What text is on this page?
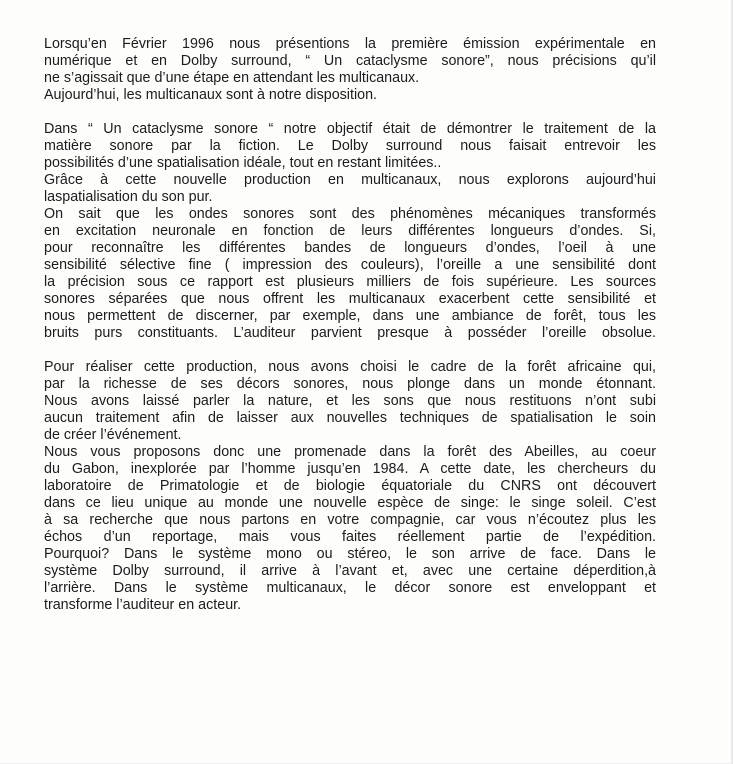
Lorsqu’en Février 1996 nous présentions la première émission expérimentale en
numérique et en Dolby surround, “ Un cataclysme sonore”, nous précisions qu’il
ne s’agissait que d’une étape en attendant les multicanaux.
Aujourd’hui, les multicanaux sont à notre disposition.
Dans “ Un cataclysme sonore “ notre objectif était de démontrer le traitement de la
matière sonore par la fiction. Le Dolby surround nous faisait entrevoir les
possibilités d’une spatialisation idéale, tout en restant limitées..
Grâce à cette nouvelle production en multicanaux, nous explorons aujourd’hui
laspatialisation du son pur.
On sait que les ondes sonores sont des phénomènes mécaniques transformés
en excitation neuronale en fonction de leurs différentes longueurs d’ondes. Si,
pour reconnaître les différentes bandes de longueurs d’ondes, l’oeil à une
sensibilité sélective fine ( impression des couleurs), l’oreille a une sensibilité dont
la précision sous ce rapport est plusieurs milliers de fois supérieure. Les sources
sonores séparées que nous offrent les multicanaux exacerbent cette sensibilité et
nous permettent de discerner, par exemple, dans une ambiance de forêt, tous les
bruits purs constituants. L’auditeur parvient presque à posséder l’oreille obsolue.
Pour réaliser cette production, nous avons choisi le cadre de la forêt africaine qui,
par la richesse de ses décors sonores, nous plonge dans un monde étonnant.
Nous avons laissé parler la nature, et les sons que nous restituons n’ont subi
aucun traitement afin de laisser aux nouvelles techniques de spatialisation le soin
de créer l’événement.
Nous vous proposons donc une promenade dans la forêt des Abeilles, au coeur
du Gabon, inexplorée par l’homme jusqu’en 1984. A cette date, les chercheurs du
laboratoire de Primatologie et de biologie équatoriale du CNRS ont découvert
dans ce lieu unique au monde une nouvelle espèce de singe: le singe soleil. C’est
à sa recherche que nous partons en votre compagnie, car vous n’écoutez plus les
échos d’un reportage, mais vous faites réellement partie de l’expédition.
Pourquoi? Dans le système mono ou stéreo, le son arrive de face. Dans le
système Dolby surround, il arrive à l’avant et, avec une certaine déperdition,à
l’arrière. Dans le système multicanaux, le décor sonore est enveloppant et
transforme l’auditeur en acteur.
